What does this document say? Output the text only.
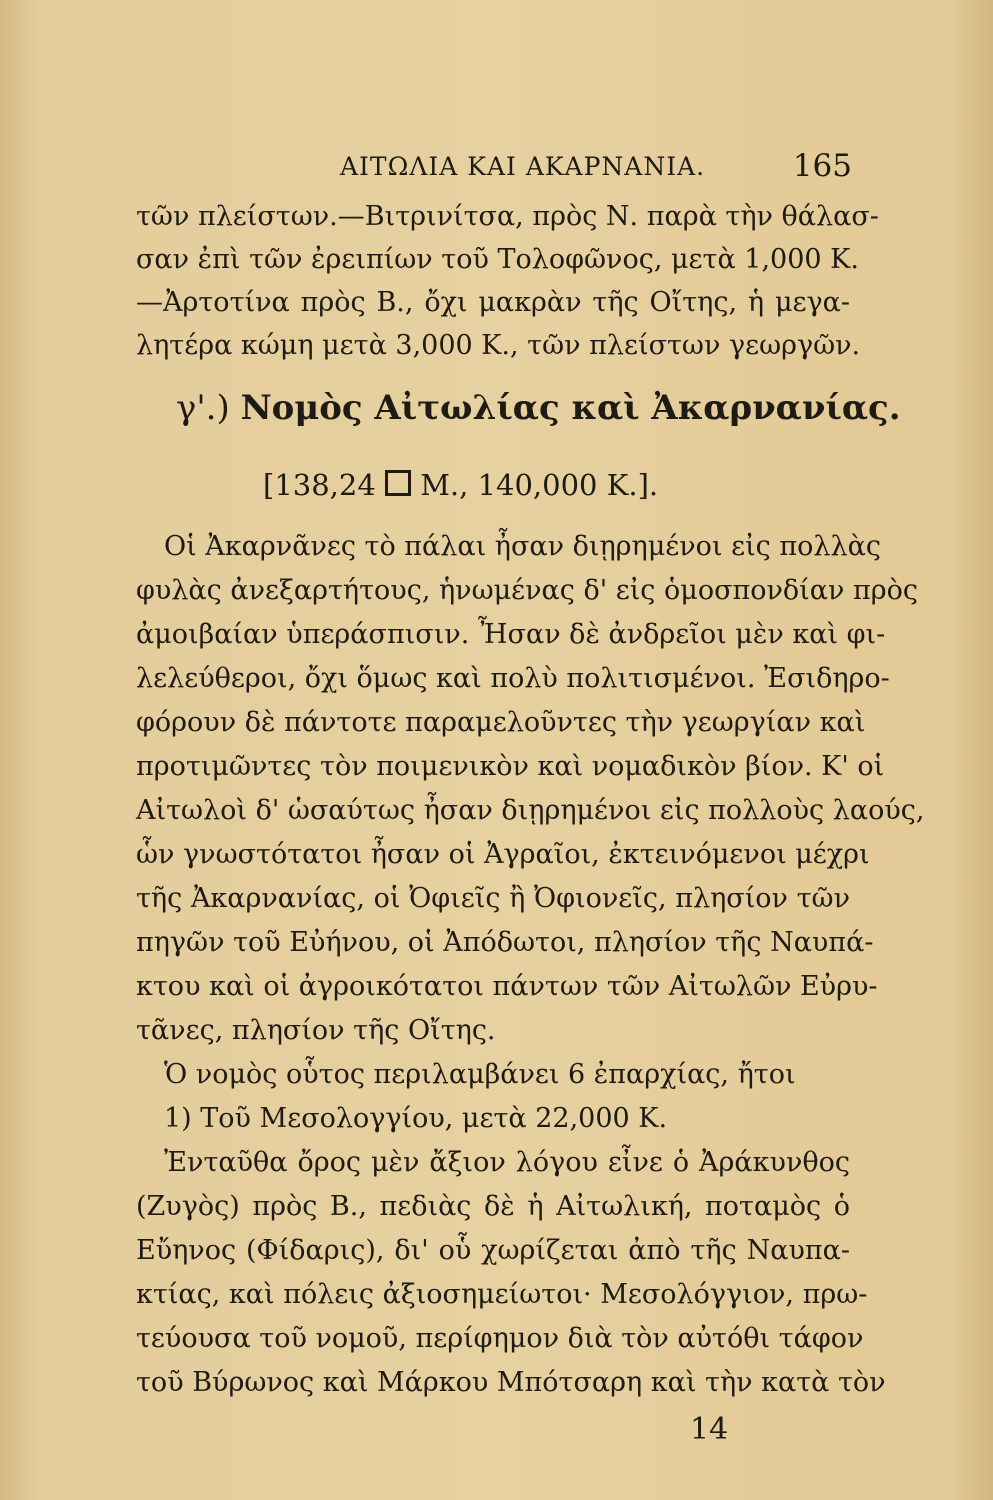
ΑΙΤΩΛΙΑ ΚΑΙ ΑΚΑΡΝΑΝΙΑ.	165
τῶν πλείστων.—Βιτρινίτσα, πρὸς Ν. παρὰ τὴν θάλασ-
σαν ἐπὶ τῶν ἐρειπίων τοῦ Τολοφῶνος, μετὰ 1,000 Κ.
—Ἀρτοτίνα πρὸς Β., ὄχι μακρὰν τῆς Οἴτης, ἡ μεγα-
λητέρα κώμη μετὰ 3,000 Κ., τῶν πλείστων γεωργῶν.
γ'.) Νομὸς Αἰτωλίας καὶ Ἀκαρνανίας.
[138,24 Μ., 140,000 Κ.].
Οἱ Ἀκαρνᾶνες τὸ πάλαι ἦσαν διῃρημένοι εἰς πολλὰς
φυλὰς ἀνεξαρτήτους, ἡνωμένας δ' εἰς ὁμοσπονδίαν πρὸς
ἀμοιβαίαν ὑπεράσπισιν. Ἦσαν δὲ ἀνδρεῖοι μὲν καὶ φι-
λελεύθεροι, ὄχι ὅμως καὶ πολὺ πολιτισμένοι. Ἐσιδηρο-
φόρουν δὲ πάντοτε παραμελοῦντες τὴν γεωργίαν καὶ
προτιμῶντες τὸν ποιμενικὸν καὶ νομαδικὸν βίον. Κ' οἱ
Αἰτωλοὶ δ' ὡσαύτως ἦσαν διῃρημένοι εἰς πολλοὺς λαούς,
ὧν γνωστότατοι ἦσαν οἱ Ἀγραῖοι, ἐκτεινόμενοι μέχρι
τῆς Ἀκαρνανίας, οἱ Ὀφιεῖς ἢ Ὀφιονεῖς, πλησίον τῶν
πηγῶν τοῦ Εὐήνου, οἱ Ἀπόδωτοι, πλησίον τῆς Ναυπά-
κτου καὶ οἱ ἀγροικότατοι πάντων τῶν Αἰτωλῶν Εὐρυ-
τᾶνες, πλησίον τῆς Οἴτης.
Ὁ νομὸς οὗτος περιλαμβάνει 6 ἐπαρχίας, ἤτοι
1) Τοῦ Μεσολογγίου, μετὰ 22,000 Κ.
Ἐνταῦθα ὄρος μὲν ἄξιον λόγου εἶνε ὁ Ἀράκυνθος
(Ζυγὸς) πρὸς Β., πεδιὰς δὲ ἡ Αἰτωλική, ποταμὸς ὁ
Εὔηνος (Φίδαρις), δι' οὗ χωρίζεται ἀπὸ τῆς Ναυπα-
κτίας, καὶ πόλεις ἀξιοσημείωτοι· Μεσολόγγιον, πρω-
τεύουσα τοῦ νομοῦ, περίφημον διὰ τὸν αὐτόθι τάφον
τοῦ Βύρωνος καὶ Μάρκου Μπότσαρη καὶ τὴν κατὰ τὸν
14
